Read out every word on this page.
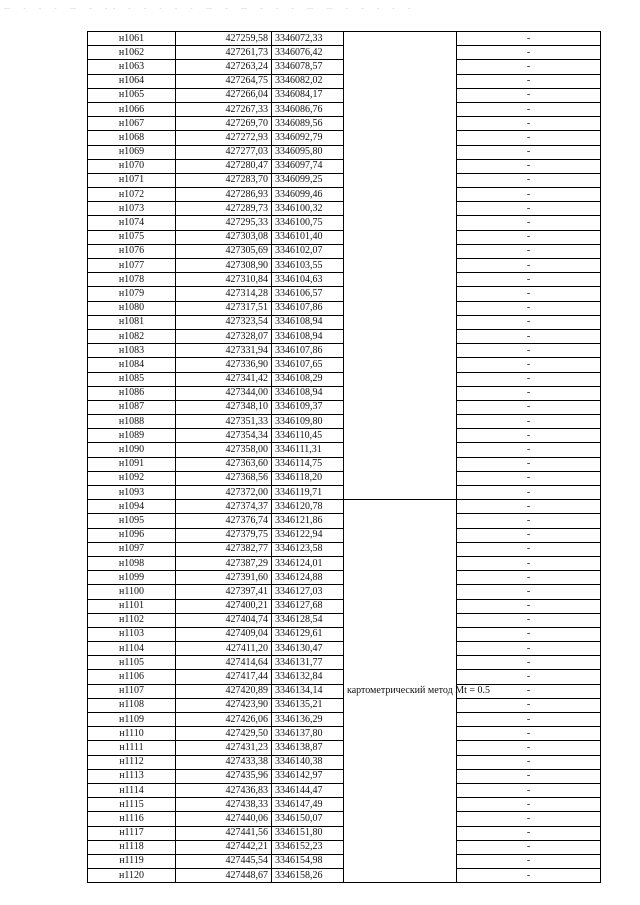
— - - - — - -- - - - - - — - — - - - — — - - - - -
н1061	427259,58	3346072,33		-
н1062	427261,73	3346076,42		-
н1063	427263,24	3346078,57		-
н1064	427264,75	3346082,02		-
н1065	427266,04	3346084,17		-
н1066	427267,33	3346086,76		-
н1067	427269,70	3346089,56		-
н1068	427272,93	3346092,79		-
н1069	427277,03	3346095,80		-
н1070	427280,47	3346097,74		-
н1071	427283,70	3346099,25		-
н1072	427286,93	3346099,46		-
н1073	427289,73	3346100,32		-
н1074	427295,33	3346100,75		-
н1075	427303,08	3346101,40		-
н1076	427305,69	3346102,07		-
н1077	427308,90	3346103,55		-
н1078	427310,84	3346104,63		-
н1079	427314,28	3346106,57		-
н1080	427317,51	3346107,86		-
н1081	427323,54	3346108,94		-
н1082	427328,07	3346108,94		-
н1083	427331,94	3346107,86		-
н1084	427336,90	3346107,65		-
н1085	427341,42	3346108,29		-
н1086	427344,00	3346108,94		-
н1087	427348,10	3346109,37		-
н1088	427351,33	3346109,80		-
н1089	427354,34	3346110,45		-
н1090	427358,00	3346111,31		-
н1091	427363,60	3346114,75		-
н1092	427368,56	3346118,20		-
н1093	427372,00	3346119,71		-
н1094	427374,37	3346120,78	картометрический метод Mt = 0.5	-
н1095	427376,74	3346121,86		-
н1096	427379,75	3346122,94		-
н1097	427382,77	3346123,58		-
н1098	427387,29	3346124,01		-
н1099	427391,60	3346124,88		-
н1100	427397,41	3346127,03		-
н1101	427400,21	3346127,68		-
н1102	427404,74	3346128,54		-
н1103	427409,04	3346129,61		-
н1104	427411,20	3346130,47		-
н1105	427414,64	3346131,77		-
н1106	427417,44	3346132,84		-
н1107	427420,89	3346134,14		-
н1108	427423,90	3346135,21		-
н1109	427426,06	3346136,29		-
н1110	427429,50	3346137,80		-
н1111	427431,23	3346138,87		-
н1112	427433,38	3346140,38		-
н1113	427435,96	3346142,97		-
н1114	427436,83	3346144,47		-
н1115	427438,33	3346147,49		-
н1116	427440,06	3346150,07		-
н1117	427441,56	3346151,80		-
н1118	427442,21	3346152,23		-
н1119	427445,54	3346154,98		-
н1120	427448,67	3346158,26		-
